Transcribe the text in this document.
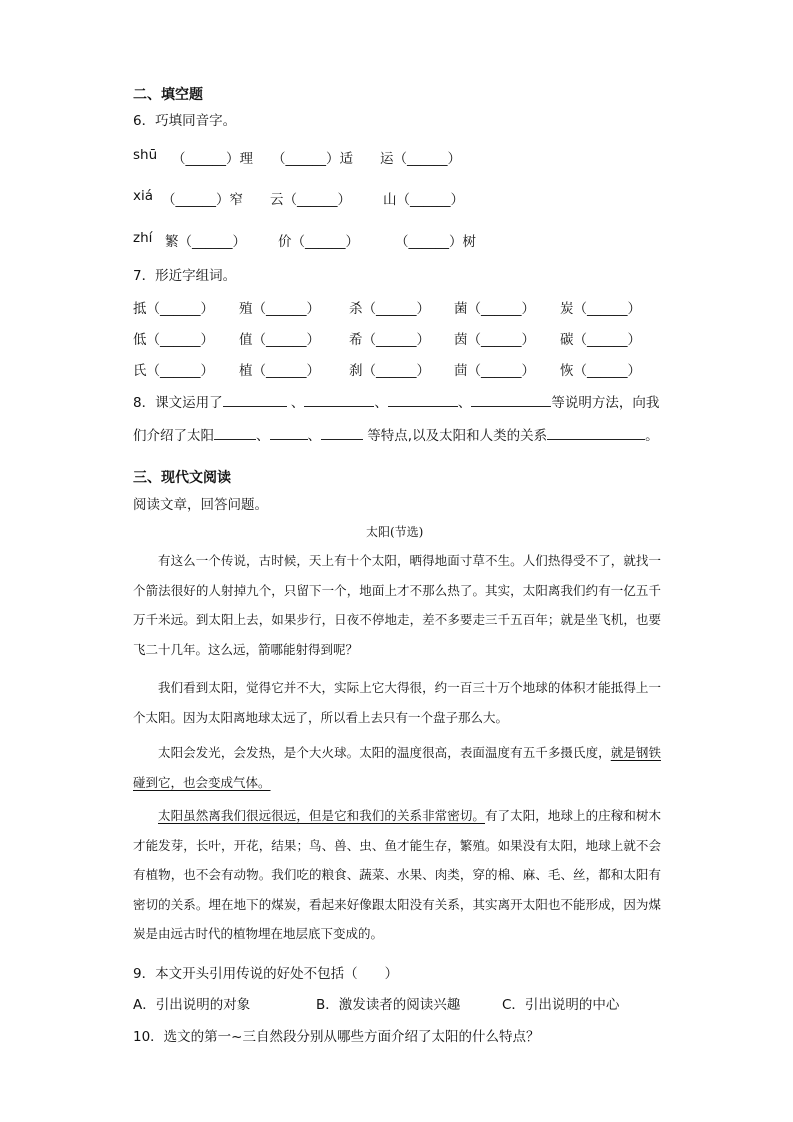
二、填空题
6．巧填同音字。
shū （______）理 （______）适 运（______）
xiá （______）窄 云（______） 山（______）
zhí 繁（______） 价（______）	（______）树
7．形近字组词。
抵（______） 殖（______） 杀（______） 菌（______） 炭（______）
低（______） 值（______） 希（______） 茵（______） 碳（______）
氏（______） 植（______） 刹（______） 茴（______） 恢（______）
8．课文运用了	、	、	、	等说明方法，向我
们介绍了太阳	、	、	等特点,以及太阳和人类的关系	。
三、现代文阅读
阅读文章，回答问题。
太阳(节选)

有这么一个传说，古时候，天上有十个太阳，晒得地面寸草不生。人们热得受不了，就找一个箭法很好的人射掉九个，只留下一个，地面上才不那么热了。其实，太阳离我们约有一亿五千万千米远。到太阳上去，如果步行，日夜不停地走，差不多要走三千五百年；就是坐飞机，也要飞二十几年。这么远，箭哪能射得到呢？

我们看到太阳，觉得它并不大，实际上它大得很，约一百三十万个地球的体积才能抵得上一个太阳。因为太阳离地球太远了，所以看上去只有一个盘子那么大。

太阳会发光，会发热，是个大火球。太阳的温度很高，表面温度有五千多摄氏度，就是钢铁碰到它，也会变成气体。

太阳虽然离我们很远很远，但是它和我们的关系非常密切。有了太阳，地球上的庄稼和树木才能发芽，长叶，开花，结果；鸟、兽、虫、鱼才能生存，繁殖。如果没有太阳，地球上就不会有植物，也不会有动物。我们吃的粮食、蔬菜、水果、肉类，穿的棉、麻、毛、丝，都和太阳有密切的关系。埋在地下的煤炭，看起来好像跟太阳没有关系，其实离开太阳也不能形成，因为煤炭是由远古时代的植物埋在地层底下变成的。

9．本文开头引用传说的好处不包括（　　）
A．引出说明的对象	B．激发读者的阅读兴趣	C．引出说明的中心
10．选文的第一~三自然段分别从哪些方面介绍了太阳的什么特点？
